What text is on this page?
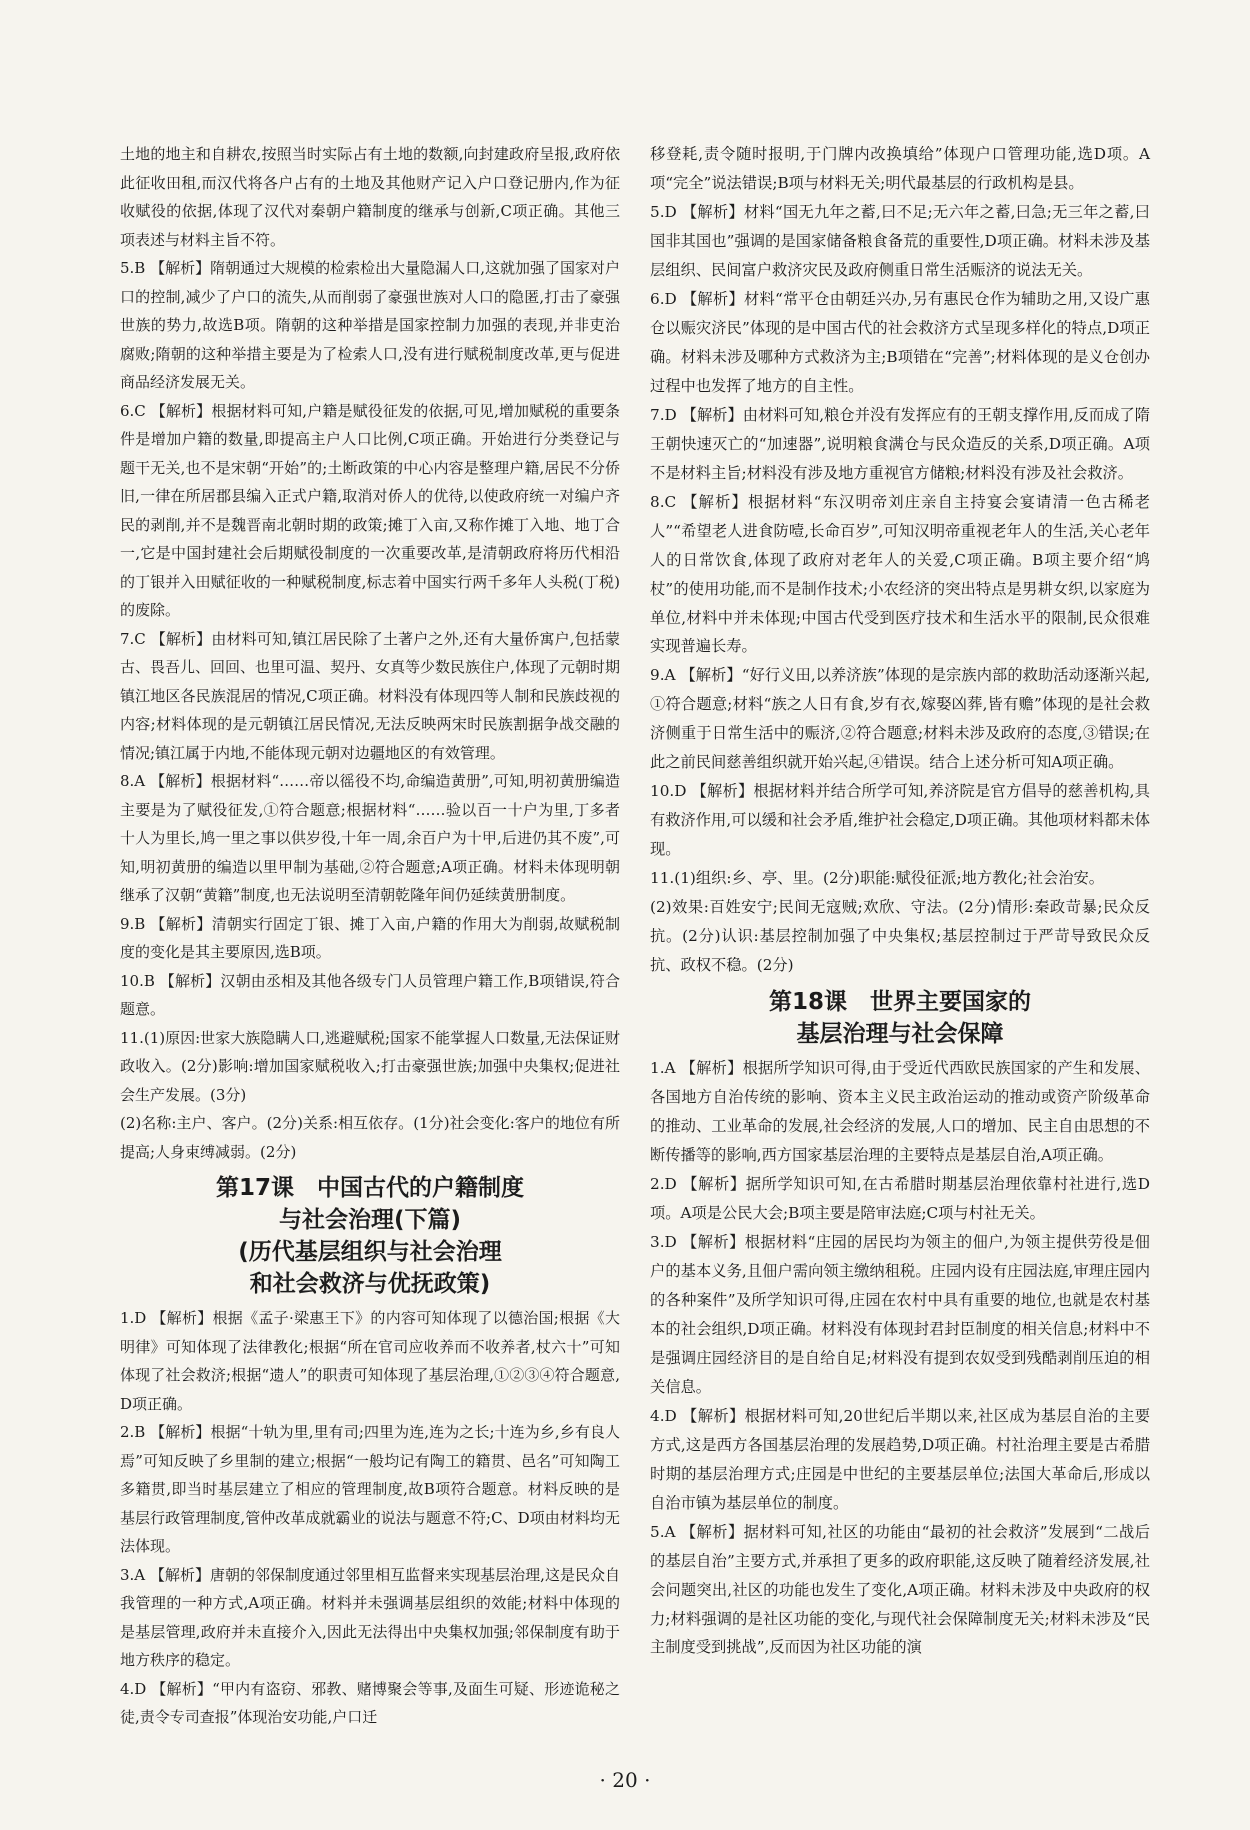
土地的地主和自耕农,按照当时实际占有土地的数额,向封建政府呈报,政府依此征收田租,而汉代将各户占有的土地及其他财产记入户口登记册内,作为征收赋役的依据,体现了汉代对秦朝户籍制度的继承与创新,C项正确。其他三项表述与材料主旨不符。

5.B 【解析】隋朝通过大规模的检索检出大量隐漏人口,这就加强了国家对户口的控制,减少了户口的流失,从而削弱了豪强世族对人口的隐匿,打击了豪强世族的势力,故选B项。隋朝的这种举措是国家控制力加强的表现,并非吏治腐败;隋朝的这种举措主要是为了检索人口,没有进行赋税制度改革,更与促进商品经济发展无关。

6.C 【解析】根据材料可知,户籍是赋役征发的依据,可见,增加赋税的重要条件是增加户籍的数量,即提高主户人口比例,C项正确。开始进行分类登记与题干无关,也不是宋朝“开始”的;土断政策的中心内容是整理户籍,居民不分侨旧,一律在所居郡县编入正式户籍,取消对侨人的优待,以使政府统一对编户齐民的剥削,并不是魏晋南北朝时期的政策;摊丁入亩,又称作摊丁入地、地丁合一,它是中国封建社会后期赋役制度的一次重要改革,是清朝政府将历代相沿的丁银并入田赋征收的一种赋税制度,标志着中国实行两千多年人头税(丁税)的废除。

7.C 【解析】由材料可知,镇江居民除了土著户之外,还有大量侨寓户,包括蒙古、畏吾儿、回回、也里可温、契丹、女真等少数民族住户,体现了元朝时期镇江地区各民族混居的情况,C项正确。材料没有体现四等人制和民族歧视的内容;材料体现的是元朝镇江居民情况,无法反映两宋时民族割据争战交融的情况;镇江属于内地,不能体现元朝对边疆地区的有效管理。

8.A 【解析】根据材料“……帝以徭役不均,命编造黄册”,可知,明初黄册编造主要是为了赋役征发,①符合题意;根据材料“……验以百一十户为里,丁多者十人为里长,鸠一里之事以供岁役,十年一周,余百户为十甲,后进仍其不废”,可知,明初黄册的编造以里甲制为基础,②符合题意;A项正确。材料未体现明朝继承了汉朝“黄籍”制度,也无法说明至清朝乾隆年间仍延续黄册制度。

9.B 【解析】清朝实行固定丁银、摊丁入亩,户籍的作用大为削弱,故赋税制度的变化是其主要原因,选B项。

10.B 【解析】汉朝由丞相及其他各级专门人员管理户籍工作,B项错误,符合题意。

11.(1)原因:世家大族隐瞒人口,逃避赋税;国家不能掌握人口数量,无法保证财政收入。(2分)影响:增加国家赋税收入;打击豪强世族;加强中央集权;促进社会生产发展。(3分)
(2)名称:主户、客户。(2分)关系:相互依存。(1分)社会变化:客户的地位有所提高;人身束缚减弱。(2分)

第17课　中国古代的户籍制度
与社会治理(下篇)
(历代基层组织与社会治理
和社会救济与优抚政策)

1.D 【解析】根据《孟子·梁惠王下》的内容可知体现了以德治国;根据《大明律》可知体现了法律教化;根据“所在官司应收养而不收养者,杖六十”可知体现了社会救济;根据“遗人”的职责可知体现了基层治理,①②③④符合题意,D项正确。

2.B 【解析】根据“十轨为里,里有司;四里为连,连为之长;十连为乡,乡有良人焉”可知反映了乡里制的建立;根据“一般均记有陶工的籍贯、邑名”可知陶工多籍贯,即当时基层建立了相应的管理制度,故B项符合题意。材料反映的是基层行政管理制度,管仲改革成就霸业的说法与题意不符;C、D项由材料均无法体现。

3.A 【解析】唐朝的邻保制度通过邻里相互监督来实现基层治理,这是民众自我管理的一种方式,A项正确。材料并未强调基层组织的效能;材料中体现的是基层管理,政府并未直接介入,因此无法得出中央集权加强;邻保制度有助于地方秩序的稳定。

4.D 【解析】“甲内有盗窃、邪教、赌博聚会等事,及面生可疑、形迹诡秘之徒,责令专司查报”体现治安功能,户口迁

移登耗,责令随时报明,于门牌内改换填给”体现户口管理功能,选D项。A项“完全”说法错误;B项与材料无关;明代最基层的行政机构是县。

5.D 【解析】材料“国无九年之蓄,曰不足;无六年之蓄,曰急;无三年之蓄,曰国非其国也”强调的是国家储备粮食备荒的重要性,D项正确。材料未涉及基层组织、民间富户救济灾民及政府侧重日常生活赈济的说法无关。

6.D 【解析】材料“常平仓由朝廷兴办,另有惠民仓作为辅助之用,又设广惠仓以赈灾济民”体现的是中国古代的社会救济方式呈现多样化的特点,D项正确。材料未涉及哪种方式救济为主;B项错在“完善”;材料体现的是义仓创办过程中也发挥了地方的自主性。

7.D 【解析】由材料可知,粮仓并没有发挥应有的王朝支撑作用,反而成了隋王朝快速灭亡的“加速器”,说明粮食满仓与民众造反的关系,D项正确。A项不是材料主旨;材料没有涉及地方重视官方储粮;材料没有涉及社会救济。

8.C 【解析】根据材料“东汉明帝刘庄亲自主持宴会宴请清一色古稀老人”“希望老人进食防噎,长命百岁”,可知汉明帝重视老年人的生活,关心老年人的日常饮食,体现了政府对老年人的关爱,C项正确。B项主要介绍“鸠杖”的使用功能,而不是制作技术;小农经济的突出特点是男耕女织,以家庭为单位,材料中并未体现;中国古代受到医疗技术和生活水平的限制,民众很难实现普遍长寿。

9.A 【解析】“好行义田,以养济族”体现的是宗族内部的救助活动逐渐兴起,①符合题意;材料“族之人日有食,岁有衣,嫁娶凶葬,皆有赡”体现的是社会救济侧重于日常生活中的赈济,②符合题意;材料未涉及政府的态度,③错误;在此之前民间慈善组织就开始兴起,④错误。结合上述分析可知A项正确。

10.D 【解析】根据材料并结合所学可知,养济院是官方倡导的慈善机构,具有救济作用,可以缓和社会矛盾,维护社会稳定,D项正确。其他项材料都未体现。

11.(1)组织:乡、亭、里。(2分)职能:赋役征派;地方教化;社会治安。
(2)效果:百姓安宁;民间无寇贼;欢欣、守法。(2分)情形:秦政苛暴;民众反抗。(2分)认识:基层控制加强了中央集权;基层控制过于严苛导致民众反抗、政权不稳。(2分)

第18课　世界主要国家的
基层治理与社会保障

1.A 【解析】根据所学知识可得,由于受近代西欧民族国家的产生和发展、各国地方自治传统的影响、资本主义民主政治运动的推动或资产阶级革命的推动、工业革命的发展,社会经济的发展,人口的增加、民主自由思想的不断传播等的影响,西方国家基层治理的主要特点是基层自治,A项正确。

2.D 【解析】据所学知识可知,在古希腊时期基层治理依靠村社进行,选D项。A项是公民大会;B项主要是陪审法庭;C项与村社无关。

3.D 【解析】根据材料“庄园的居民均为领主的佃户,为领主提供劳役是佃户的基本义务,且佃户需向领主缴纳租税。庄园内设有庄园法庭,审理庄园内的各种案件”及所学知识可得,庄园在农村中具有重要的地位,也就是农村基本的社会组织,D项正确。材料没有体现封君封臣制度的相关信息;材料中不是强调庄园经济目的是自给自足;材料没有提到农奴受到残酷剥削压迫的相关信息。

4.D 【解析】根据材料可知,20世纪后半期以来,社区成为基层自治的主要方式,这是西方各国基层治理的发展趋势,D项正确。村社治理主要是古希腊时期的基层治理方式;庄园是中世纪的主要基层单位;法国大革命后,形成以自治市镇为基层单位的制度。

5.A 【解析】据材料可知,社区的功能由“最初的社会救济”发展到“二战后的基层自治”主要方式,并承担了更多的政府职能,这反映了随着经济发展,社会问题突出,社区的功能也发生了变化,A项正确。材料未涉及中央政府的权力;材料强调的是社区功能的变化,与现代社会保障制度无关;材料未涉及“民主制度受到挑战”,反而因为社区功能的演

· 20 ·
